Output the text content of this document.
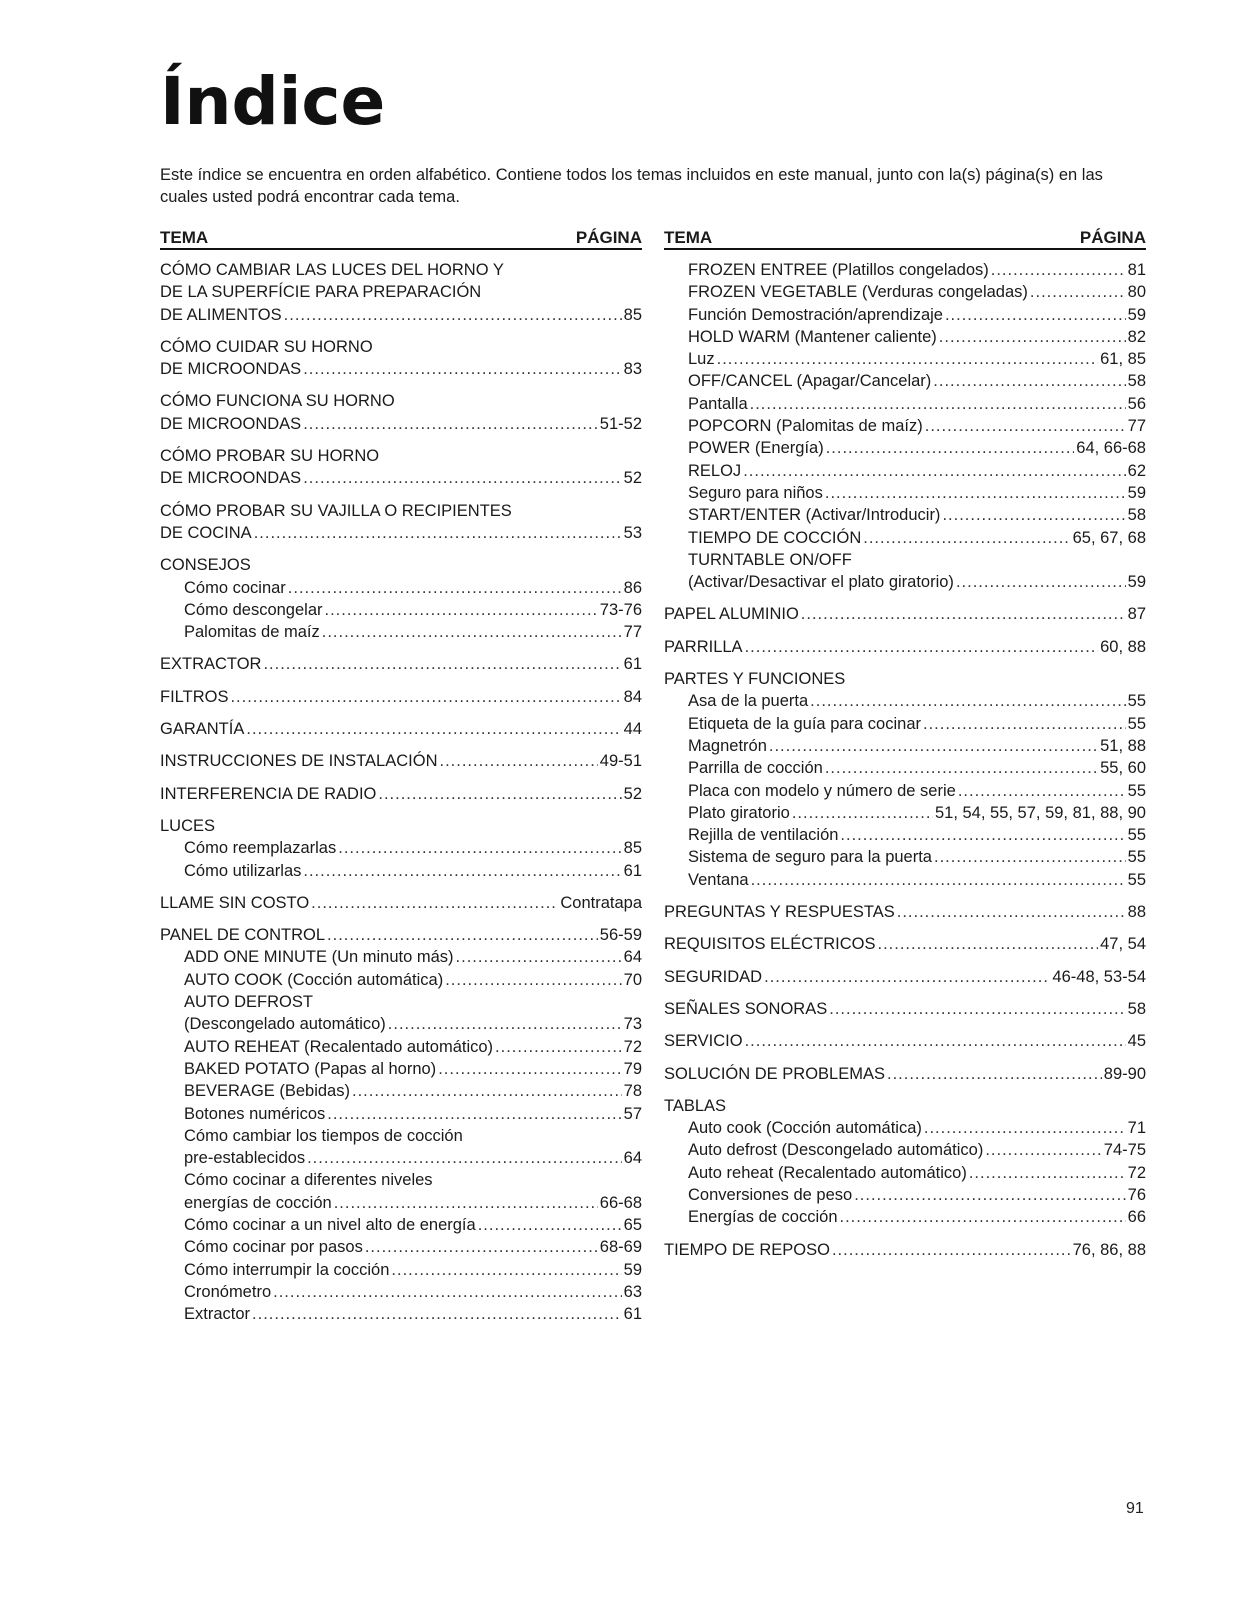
Índice

Este índice se encuentra en orden alfabético. Contiene todos los temas incluidos en este manual, junto con la(s) página(s) en las cuales usted podrá encontrar cada tema.

TEMA	PÁGINA
CÓMO CAMBIAR LAS LUCES DEL HORNO Y
DE LA SUPERFÍCIE PARA PREPARACIÓN
DE ALIMENTOS .....	85
CÓMO CUIDAR SU HORNO
DE MICROONDAS .....	83
CÓMO FUNCIONA SU HORNO
DE MICROONDAS .....	51-52
CÓMO PROBAR SU HORNO
DE MICROONDAS .....	52
CÓMO PROBAR SU VAJILLA O RECIPIENTES
DE COCINA .....	53
CONSEJOS
Cómo cocinar .....	86
Cómo descongelar .....	73-76
Palomitas de maíz .....	77
EXTRACTOR .....	61
FILTROS .....	84
GARANTÍA .....	44
INSTRUCCIONES DE INSTALACIÓN .....	49-51
INTERFERENCIA DE RADIO .....	52
LUCES
Cómo reemplazarlas .....	85
Cómo utilizarlas .....	61
LLAME SIN COSTO .....	Contratapa
PANEL DE CONTROL .....	56-59
ADD ONE MINUTE (Un minuto más) .....	64
AUTO COOK (Cocción automática) .....	70
AUTO DEFROST
(Descongelado automático) .....	73
AUTO REHEAT (Recalentado automático) .....	72
BAKED POTATO (Papas al horno) .....	79
BEVERAGE (Bebidas) .....	78
Botones numéricos .....	57
Cómo cambiar los tiempos de cocción
pre-establecidos .....	64
Cómo cocinar a diferentes niveles
energías de cocción .....	66-68
Cómo cocinar a un nivel alto de energía .....	65
Cómo cocinar por pasos .....	68-69
Cómo interrumpir la cocción .....	59
Cronómetro .....	63
Extractor .....	61
TEMA	PÁGINA
FROZEN ENTREE (Platillos congelados) .....	81
FROZEN VEGETABLE (Verduras congeladas) .....	80
Función Demostración/aprendizaje .....	59
HOLD WARM (Mantener caliente) .....	82
Luz .....	61, 85
OFF/CANCEL (Apagar/Cancelar) .....	58
Pantalla .....	56
POPCORN (Palomitas de maíz) .....	77
POWER (Energía) .....	64, 66-68
RELOJ .....	62
Seguro para niños .....	59
START/ENTER (Activar/Introducir) .....	58
TIEMPO DE COCCIÓN .....	65, 67, 68
TURNTABLE ON/OFF
(Activar/Desactivar el plato giratorio) .....	59
PAPEL ALUMINIO .....	87
PARRILLA .....	60, 88
PARTES Y FUNCIONES
Asa de la puerta .....	55
Etiqueta de la guía para cocinar .....	55
Magnetrón .....	51, 88
Parrilla de cocción .....	55, 60
Placa con modelo y número de serie .....	55
Plato giratorio .....	51, 54, 55, 57, 59, 81, 88, 90
Rejilla de ventilación .....	55
Sistema de seguro para la puerta .....	55
Ventana .....	55
PREGUNTAS Y RESPUESTAS .....	88
REQUISITOS ELÉCTRICOS .....	47, 54
SEGURIDAD .....	46-48, 53-54
SEÑALES SONORAS .....	58
SERVICIO .....	45
SOLUCIÓN DE PROBLEMAS .....	89-90
TABLAS
Auto cook (Cocción automática) .....	71
Auto defrost (Descongelado automático) .....	74-75
Auto reheat (Recalentado automático) .....	72
Conversiones de peso .....	76
Energías de cocción .....	66
TIEMPO DE REPOSO .....	76, 86, 88
91
